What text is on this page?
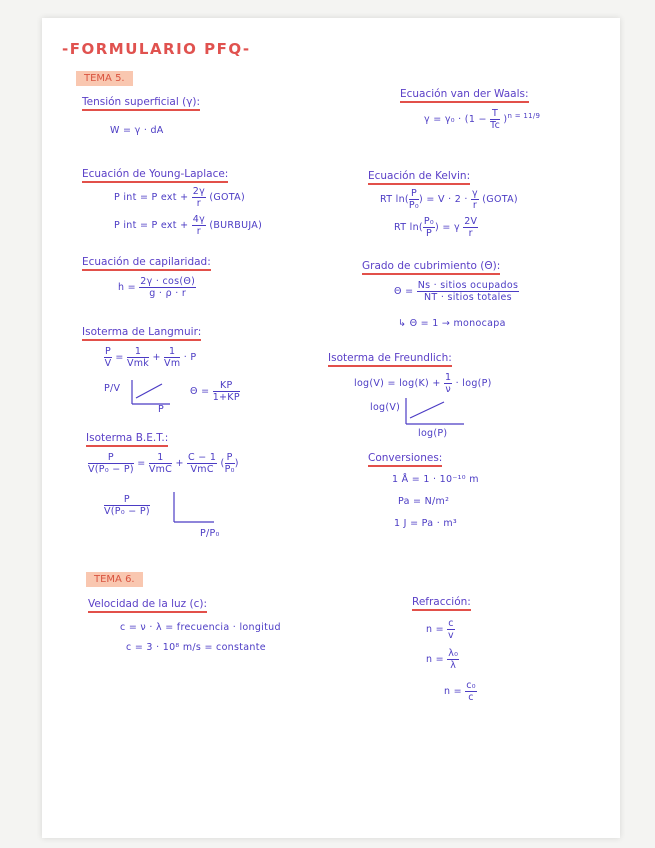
-FORMULARIO PFQ-
TEMA 5.
Tensión superficial (γ):
W = γ · dA
Ecuación van der Waals:
$\gamma = \gamma_0 \cdot (1 - \frac{T}{Tc} )^{n = 11/9}$
Ecuación de Young-Laplace:
P int = P ext + $\frac{2\gamma}{r}$ (GOTA)
P int = P ext + $\frac{4\gamma}{r}$ (BURBUJA)
Ecuación de Kelvin:
RT $\ln( \frac{P}{\text{P₀}}$ ) = $V \cdot 2 \cdot \frac{\gamma}{r}$ (GOTA)
RT $\ln( \frac{\text{P₀}}{P}$ ) = γ $\frac{2V}{r}$
Ecuación de capilaridad:
$h = \frac{2\gamma \cdot \cos(\Theta)}{g \cdot \rho \cdot r}$
Grado de cubrimiento (Θ):
$\Theta = \frac{\text{Ns · sitios ocupados}}{\text{NT · sitios totales}}$
↳ Θ = 1 → monocapa
Isoterma de Langmuir:
$\frac{P}{V} = \frac{1}{\text{Vmk}} + \frac{1}{Vm} \cdot P$
P/V
P
$\Theta = \frac{KP}{1+KP}$
Isoterma de Freundlich:
$\log(V) = \log(K) + \frac{1}{\nu} \cdot \log(P)$
log(V)
log(P)
Isoterma B.E.T.:
$\frac{P}{\text{V(P₀ − P)}} = \frac{1}{\text{VmC}} + \frac{C - 1}{\text{VmC}}$ ( $\frac{P}{\text{P₀}}$ )
$\frac{P}{\text{V(P₀ − P)}}$
P/P₀
Conversiones:
1 Å = 1 · 10⁻¹⁰ m
Pa = N/m²
1 J = Pa · m³
TEMA 6.
Velocidad de la luz (c):
c = ν · λ = frecuencia · longitud
c = 3 · 10⁸ m/s = constante
Refracción:
$n = \frac{c}{v}$
$n = \frac{\text{λ₀}}{\lambda}$
$n = \frac{\text{c₀}}{c}$
